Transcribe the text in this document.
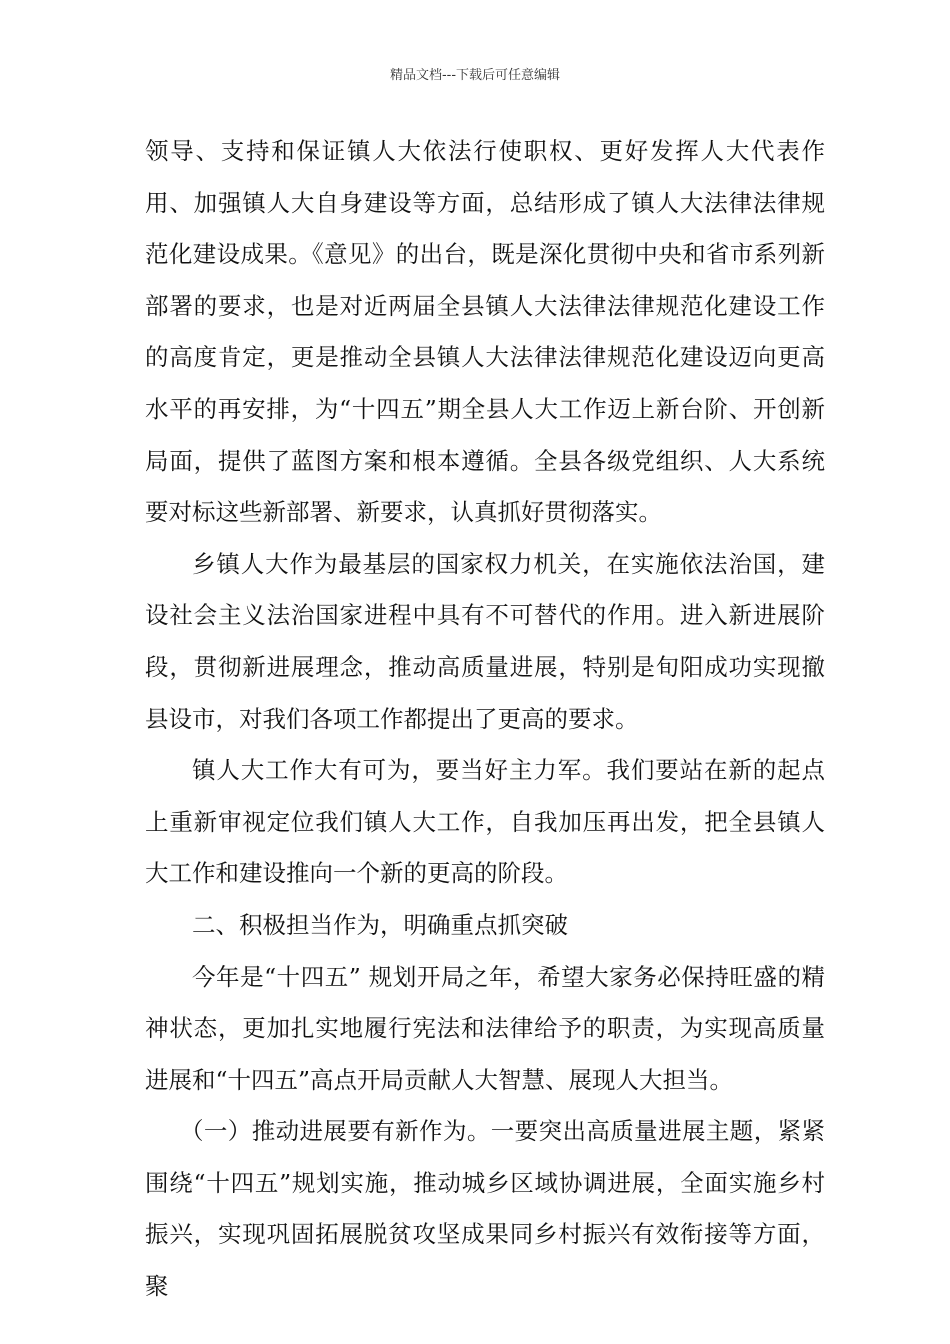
精品文档---下载后可任意编辑

领导、支持和保证镇人大依法行使职权、更好发挥人大代表作用、加强镇人大自身建设等方面，总结形成了镇人大法律法律规范化建设成果。《意见》的出台，既是深化贯彻中央和省市系列新部署的要求，也是对近两届全县镇人大法律法律规范化建设工作的高度肯定，更是推动全县镇人大法律法律规范化建设迈向更高水平的再安排，为“十四五”期全县人大工作迈上新台阶、开创新局面，提供了蓝图方案和根本遵循。全县各级党组织、人大系统要对标这些新部署、新要求，认真抓好贯彻落实。

乡镇人大作为最基层的国家权力机关，在实施依法治国，建设社会主义法治国家进程中具有不可替代的作用。进入新进展阶段，贯彻新进展理念，推动高质量进展，特别是旬阳成功实现撤县设市，对我们各项工作都提出了更高的要求。

镇人大工作大有可为，要当好主力军。我们要站在新的起点上重新审视定位我们镇人大工作，自我加压再出发，把全县镇人大工作和建设推向一个新的更高的阶段。

二、积极担当作为，明确重点抓突破

今年是“十四五” 规划开局之年，希望大家务必保持旺盛的精神状态，更加扎实地履行宪法和法律给予的职责，为实现高质量进展和“十四五”高点开局贡献人大智慧、展现人大担当。

（一）推动进展要有新作为。一要突出高质量进展主题，紧紧围绕“十四五”规划实施，推动城乡区域协调进展，全面实施乡村振兴，实现巩固拓展脱贫攻坚成果同乡村振兴有效衔接等方面，聚
